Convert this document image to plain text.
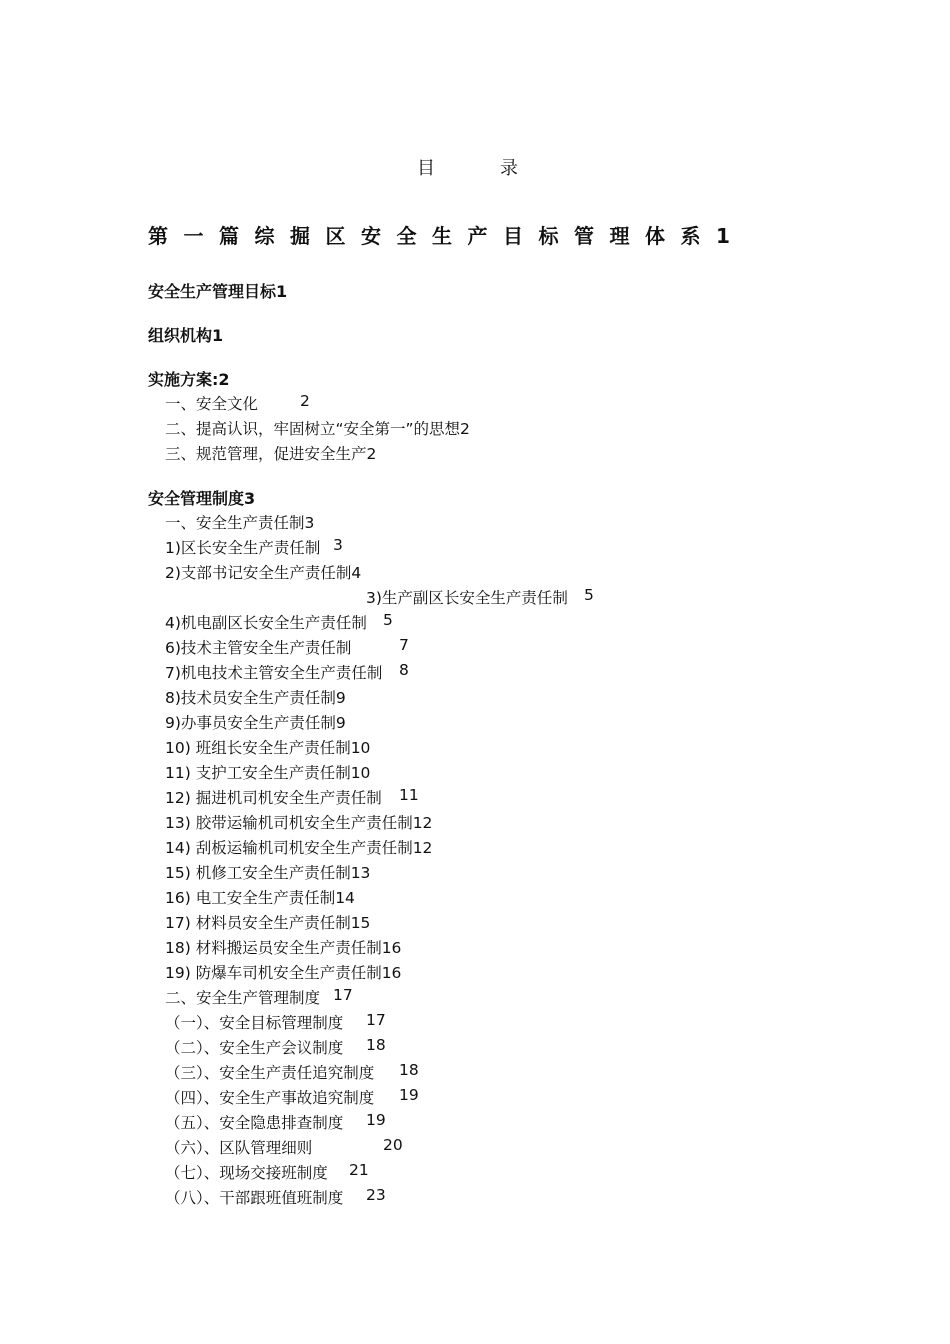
目	录
第一篇综掘区安全生产目标管理体系1
安全生产管理目标1
组织机构1
实施方案:2
一、安全文化	2
二、提高认识，牢固树立“安全第一”的思想2
三、规范管理，促进安全生产2
安全管理制度3
一、安全生产责任制3
1)区长安全生产责任制 3
2)支部书记安全生产责任制4
3)生产副区长安全生产责任制 5
4)机电副区长安全生产责任制 5
6)技术主管安全生产责任制	7
7)机电技术主管安全生产责任制 8
8)技术员安全生产责任制9
9)办事员安全生产责任制9
10) 班组长安全生产责任制10
11) 支护工安全生产责任制10
12) 掘进机司机安全生产责任制 11
13) 胶带运输机司机安全生产责任制12
14) 刮板运输机司机安全生产责任制12
15) 机修工安全生产责任制13
16) 电工安全生产责任制14
17) 材料员安全生产责任制15
18) 材料搬运员安全生产责任制16
19) 防爆车司机安全生产责任制16
二、安全生产管理制度 17
（一）、安全目标管理制度 17
（二）、安全生产会议制度 18
（三）、安全生产责任追究制度 18
（四）、安全生产事故追究制度 19
（五）、安全隐患排查制度 19
（六）、区队管理细则	20
（七）、现场交接班制度 21
（八）、干部跟班值班制度 23
